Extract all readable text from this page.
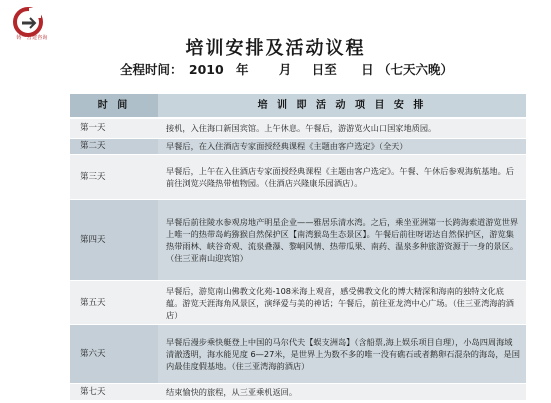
铸一营建咨询	培训安排及活动议程
全程时间： 2010 年 月 日至 日 （七天六晚）
时 间	培 训 即 活 动 项 目 安 排
第一天	接机，入住海口新国宾馆。上午休息。午餐后，游游览火山口国家地质园。
第二天	早餐后，在入住酒店专家面授经典课程《主题由客户选定》（全天）
第三天	早餐后，上午在入住酒店专家面授经典课程《主题由客户选定》。午餐、午休后参观海航基地。后前往浏览兴隆热带植物园。（住酒店兴隆康乐园酒店）。
第四天	早餐后前往陵水参观房地产明星企业——雅居乐清水湾。之后，乘坐亚洲第一长跨海索道游览世界上唯一的热带岛屿猕猴自然保护区【南湾猴岛生态景区】。午餐后前往呀诺达自然保护区，游览集热带雨林、峡谷奇观、流泉叠瀑、黎峒风情、热带瓜果、南药、温泉多种旅游资源于一身的景区。（住三亚南山迎宾馆）
第五天	早餐后，游览南山佛教文化苑-108米海上观音，感受佛教文化的博大精深和海南的独特文化底蕴。游览天涯海角风景区，演绎爱与美的神话；午餐后，前往亚龙湾中心广场。（住三亚湾海韵酒店）
第六天	早餐后漫步乘快艇登上中国的马尔代夫【蜈支洲岛】（含船票,海上娱乐项目自理），小岛四周海域清澈透明，海水能见度 6—27米，是世界上为数不多的唯一没有礁石或者鹅卵石混杂的海岛，是国内最佳度假基地。（住三亚湾海韵酒店）
第七天	结束愉快的旅程，从三亚乘机返回。
